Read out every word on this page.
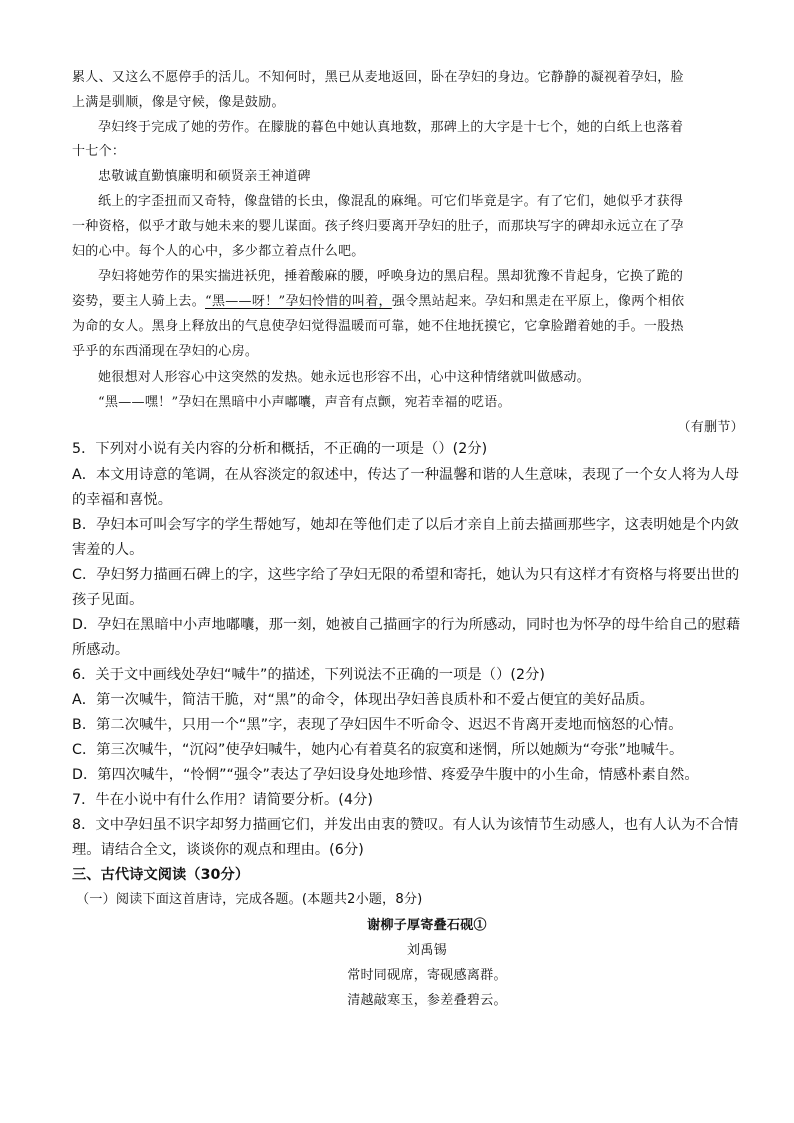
累人、又这么不愿停手的活儿。不知何时，黑已从麦地返回，卧在孕妇的身边。它静静的凝视着孕妇，脸
上满是驯顺，像是守候，像是鼓励。
孕妇终于完成了她的劳作。在朦胧的暮色中她认真地数，那碑上的大字是十七个，她的白纸上也落着
十七个：
忠敬诚直勤慎廉明和硕贤亲王神道碑
纸上的字歪扭而又奇特，像盘错的长虫，像混乱的麻绳。可它们毕竟是字。有了它们，她似乎才获得
一种资格，似乎才敢与她未来的婴儿谋面。孩子终归要离开孕妇的肚子，而那块写字的碑却永远立在了孕
妇的心中。每个人的心中，多少都立着点什么吧。
孕妇将她劳作的果实揣进袄兜，捶着酸麻的腰，呼唤身边的黑启程。黑却犹豫不肯起身，它换了跪的
姿势，要主人骑上去。“黑——呀！”孕妇怜惜的叫着，强令黑站起来。孕妇和黑走在平原上，像两个相依
为命的女人。黑身上释放出的气息使孕妇觉得温暖而可靠，她不住地抚摸它，它拿脸蹭着她的手。一股热
乎乎的东西涌现在孕妇的心房。
她很想对人形容心中这突然的发热。她永远也形容不出，心中这种情绪就叫做感动。
“黑——嘿！”孕妇在黑暗中小声嘟囔，声音有点颤，宛若幸福的呓语。
（有删节）
5．下列对小说有关内容的分析和概括，不正确的一项是（）(2分)
A．本文用诗意的笔调，在从容淡定的叙述中，传达了一种温馨和谐的人生意味，表现了一个女人将为人母
的幸福和喜悦。
B．孕妇本可叫会写字的学生帮她写，她却在等他们走了以后才亲自上前去描画那些字，这表明她是个内敛
害羞的人。
C．孕妇努力描画石碑上的字，这些字给了孕妇无限的希望和寄托，她认为只有这样才有资格与将要出世的
孩子见面。
D．孕妇在黑暗中小声地嘟囔，那一刻，她被自己描画字的行为所感动，同时也为怀孕的母牛给自己的慰藉
所感动。
6．关于文中画线处孕妇“喊牛”的描述，下列说法不正确的一项是（）(2分)
A．第一次喊牛，简洁干脆，对“黑”的命令，体现出孕妇善良质朴和不爱占便宜的美好品质。
B．第二次喊牛，只用一个“黑”字，表现了孕妇因牛不听命令、迟迟不肯离开麦地而恼怒的心情。
C．第三次喊牛，“沉闷”使孕妇喊牛，她内心有着莫名的寂寞和迷惘，所以她颇为“夸张”地喊牛。
D．第四次喊牛，“怜惘”“强令”表达了孕妇设身处地珍惜、疼爱孕牛腹中的小生命，情感朴素自然。
7．牛在小说中有什么作用？请简要分析。(4分)
8．文中孕妇虽不识字却努力描画它们，并发出由衷的赞叹。有人认为该情节生动感人，也有人认为不合情
理。请结合全文，谈谈你的观点和理由。(6分)
三、古代诗文阅读（30分）
（一）阅读下面这首唐诗，完成各题。(本题共2小题，8分)
谢柳子厚寄叠石砚①
刘禹锡
常时同砚席，寄砚感离群。
清越敲寒玉，参差叠碧云。
